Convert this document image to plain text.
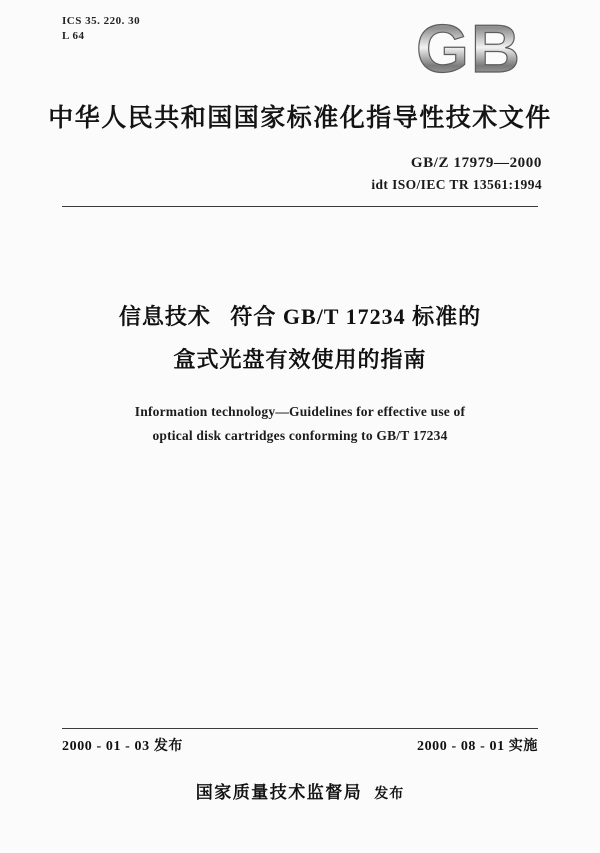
ICS 35. 220. 30
L 64	GB
中华人民共和国国家标准化指导性技术文件
GB/Z 17979—2000
idt ISO/IEC TR 13561:1994
信息技术   符合 GB/T 17234 标准的
盒式光盘有效使用的指南
Information technology—Guidelines for effective use of
optical disk cartridges conforming to GB/T 17234
2000 - 01 - 03 发布	2000 - 08 - 01 实施
国家质量技术监督局 发布
